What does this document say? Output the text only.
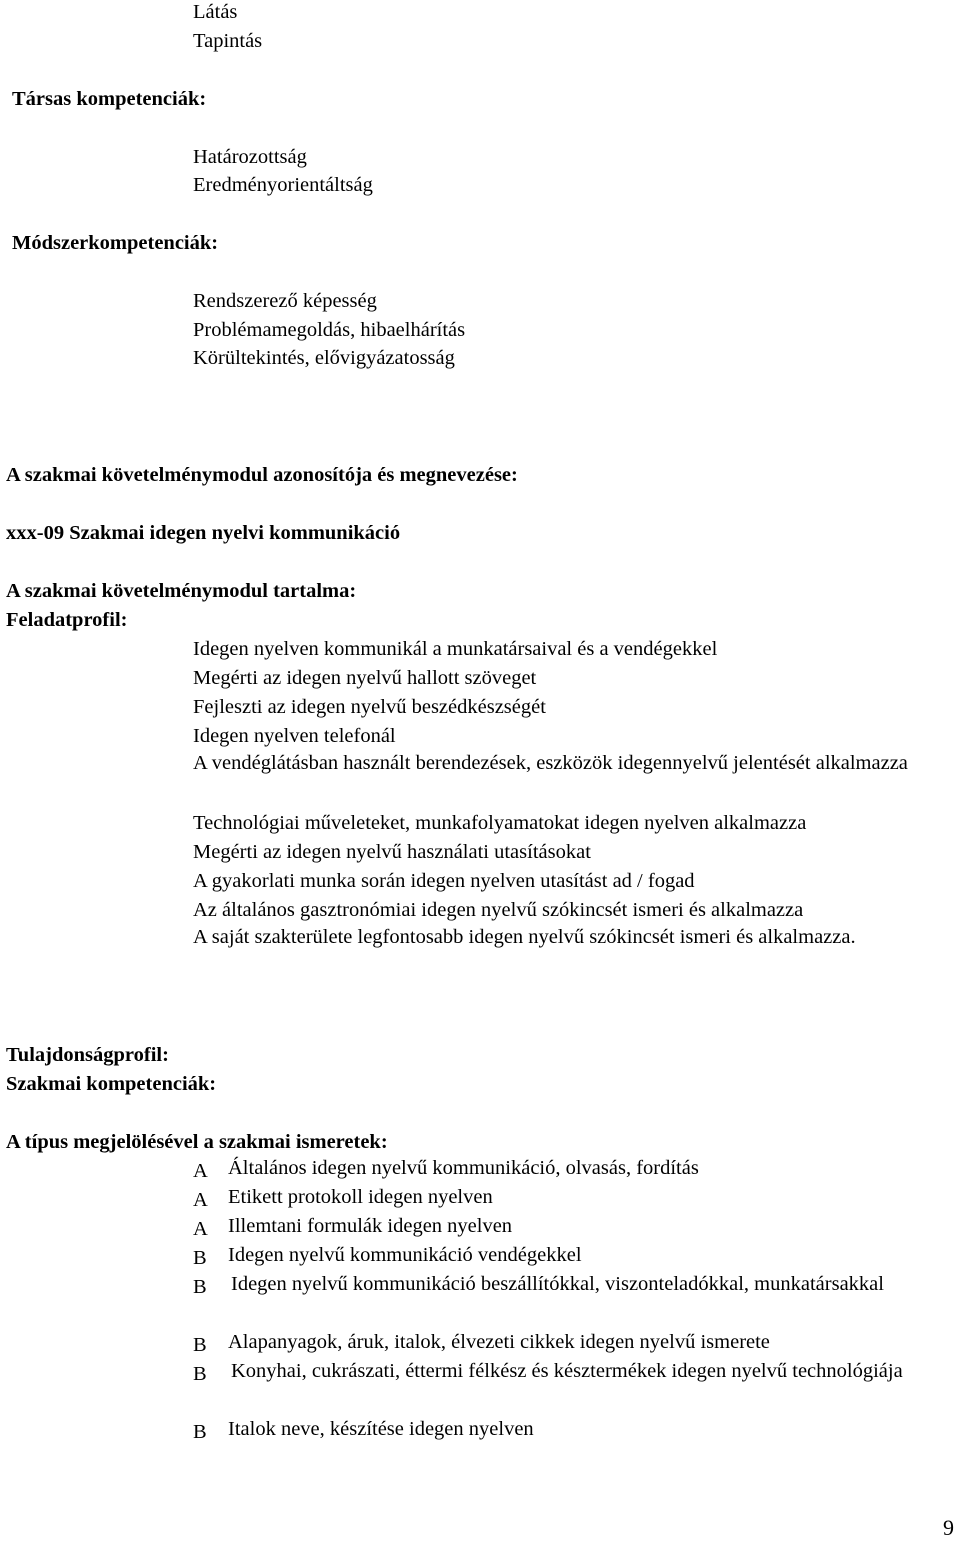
Látás
Tapintás
Társas kompetenciák:
Határozottság
Eredményorientáltság
Módszerkompetenciák:
Rendszerező képesség
Problémamegoldás, hibaelhárítás
Körültekintés, elővigyázatosság
A szakmai követelménymodul azonosítója és megnevezése:
xxx-09 Szakmai idegen nyelvi kommunikáció
A szakmai követelménymodul tartalma:
Feladatprofil:
Idegen nyelven kommunikál a munkatársaival és a vendégekkel
Megérti az idegen nyelvű hallott szöveget
Fejleszti az idegen nyelvű beszédkészségét
Idegen nyelven telefonál
A vendéglátásban használt berendezések, eszközök idegennyelvű jelentését alkalmazza
Technológiai műveleteket, munkafolyamatokat idegen nyelven alkalmazza
Megérti az idegen nyelvű használati utasításokat
A gyakorlati munka során idegen nyelven utasítást ad / fogad
Az általános gasztronómiai idegen nyelvű szókincsét ismeri és alkalmazza
A saját szakterülete legfontosabb idegen nyelvű szókincsét ismeri és alkalmazza.
Tulajdonságprofil:
Szakmai kompetenciák:
A típus megjelölésével a szakmai ismeretek:
A Általános idegen nyelvű kommunikáció, olvasás, fordítás
A Etikett protokoll idegen nyelven
A Illemtani formulák idegen nyelven
B Idegen nyelvű kommunikáció vendégekkel
B Idegen nyelvű kommunikáció beszállítókkal, viszonteladókkal, munkatársakkal
B Alapanyagok, áruk, italok, élvezeti cikkek idegen nyelvű ismerete
B Konyhai, cukrászati, éttermi félkész és késztermékek idegen nyelvű technológiája
B Italok neve, készítése idegen nyelven
9
